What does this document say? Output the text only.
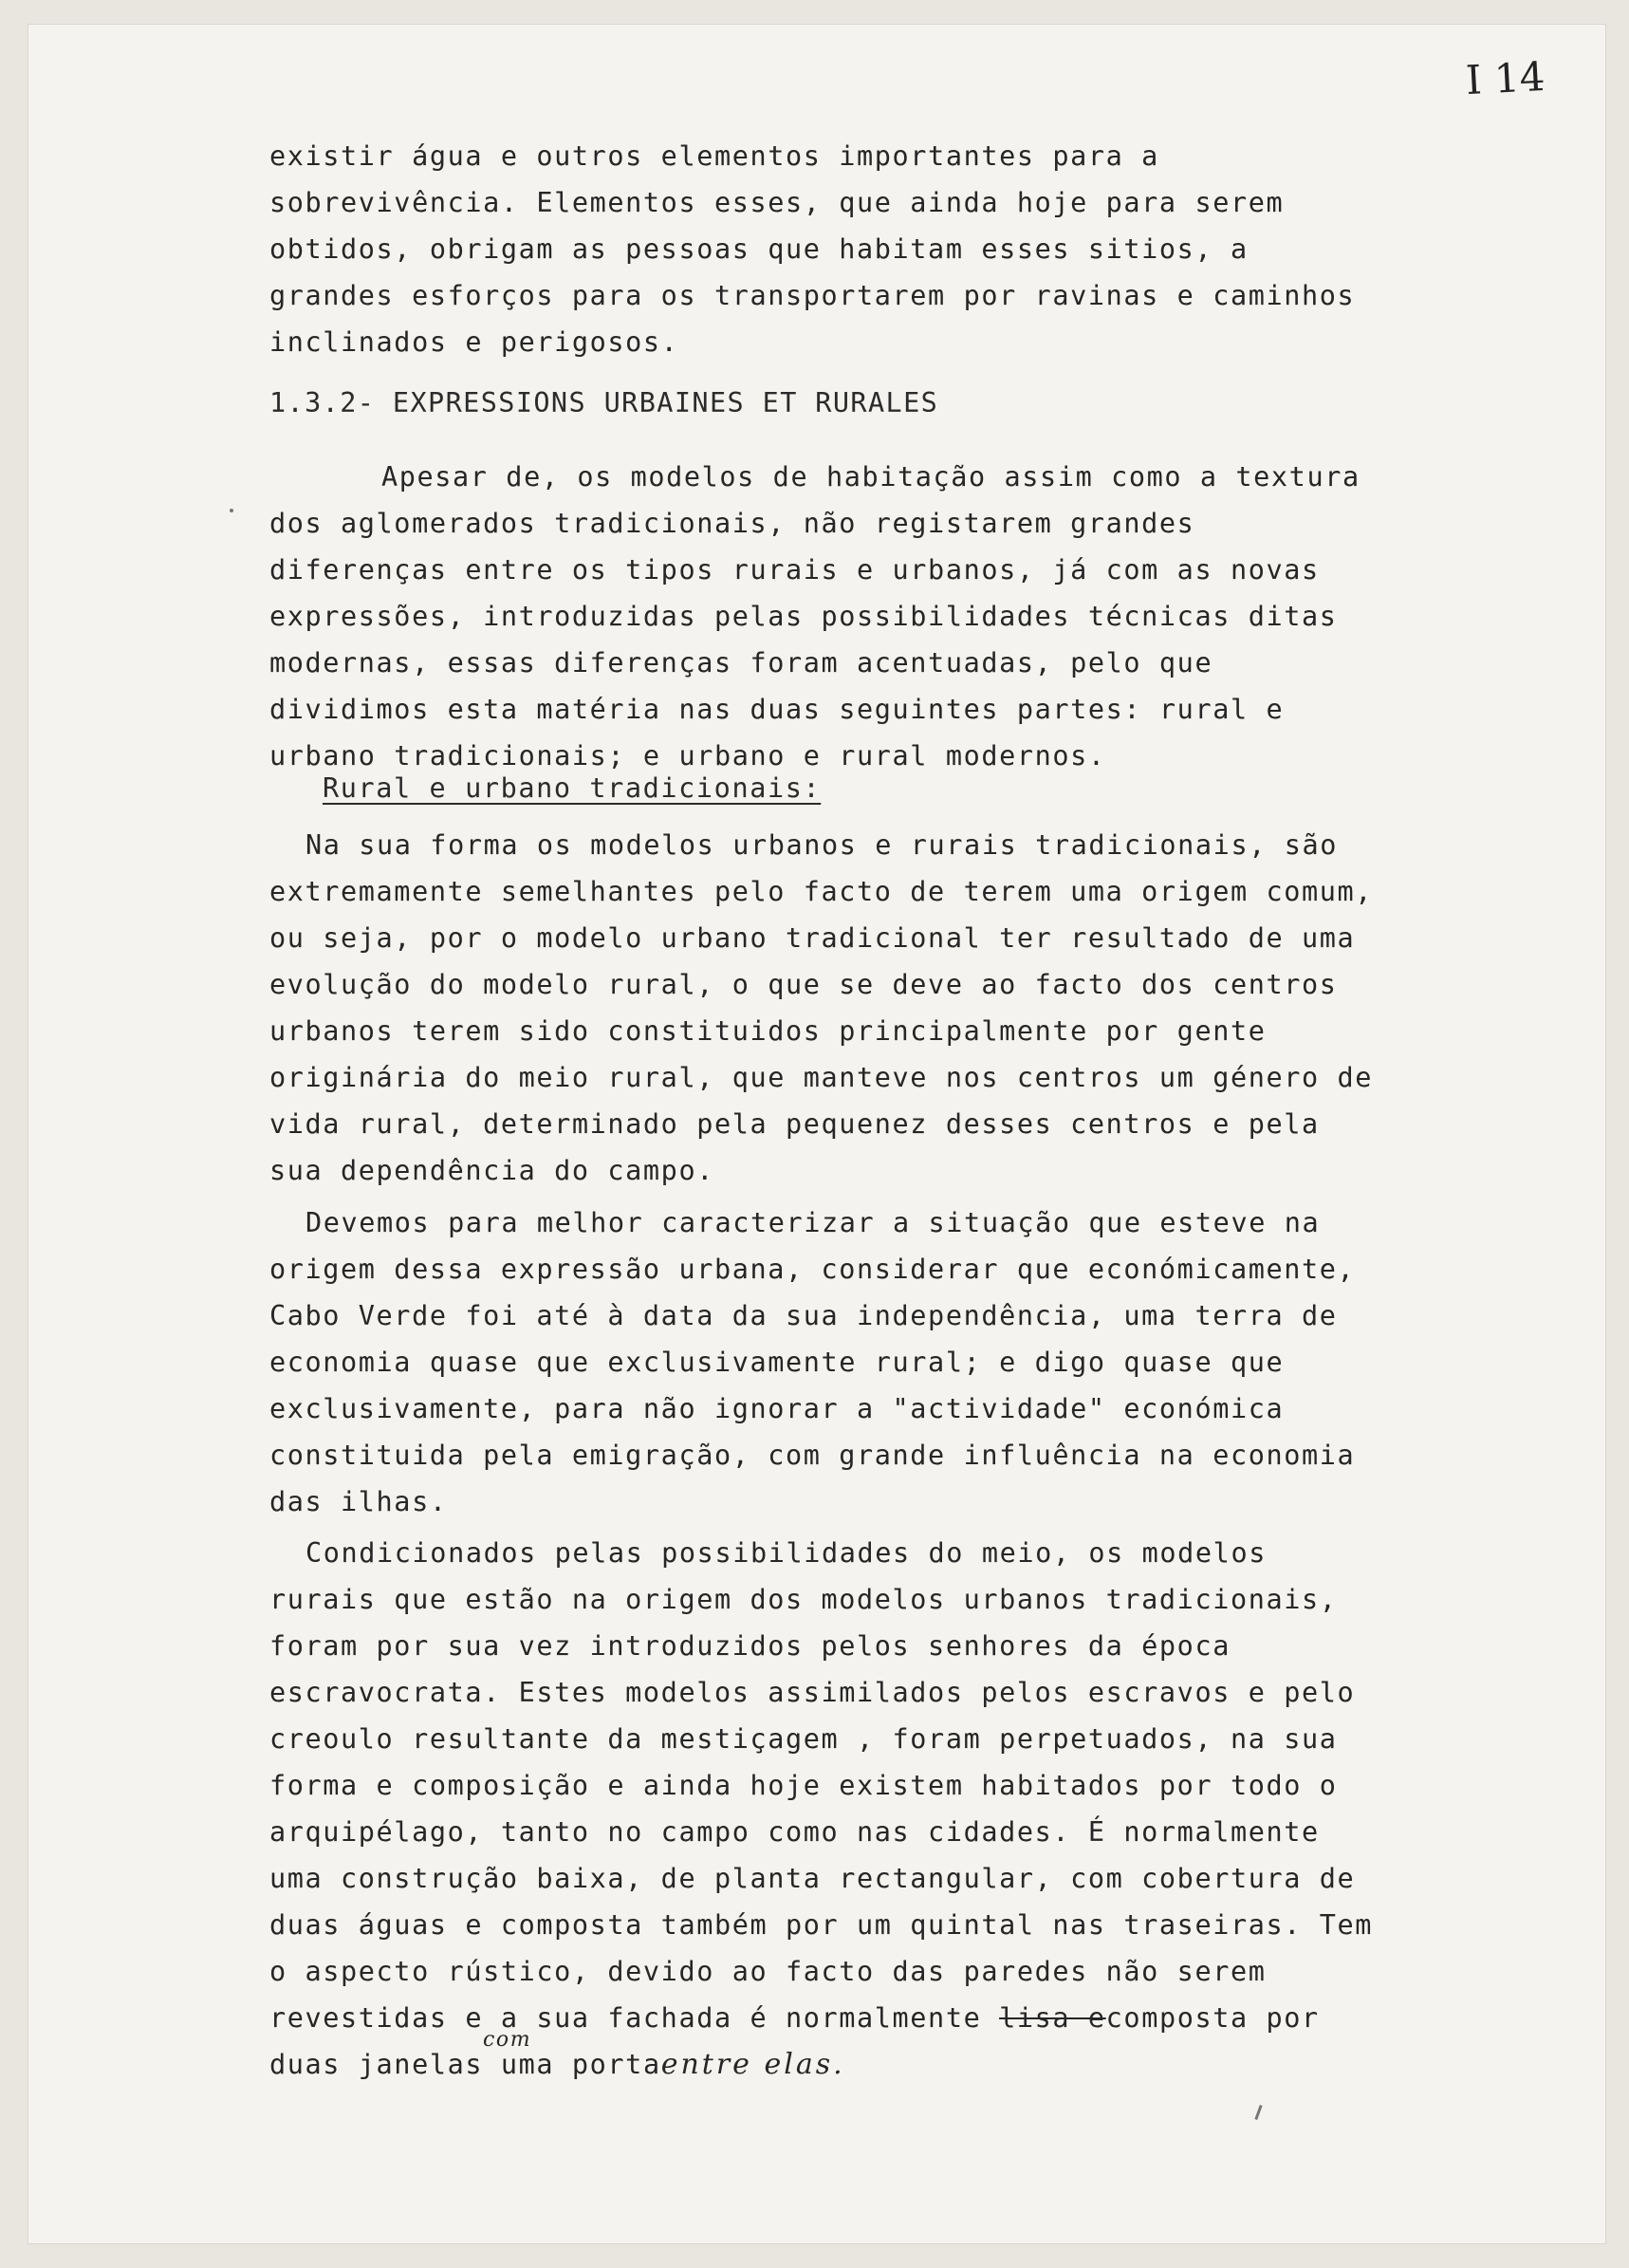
I 14

existir água e outros elementos importantes para a

sobrevivência. Elementos esses, que ainda hoje para serem

obtidos, obrigam as pessoas que habitam esses sitios, a

grandes esforços para os transportarem por ravinas e caminhos

inclinados e perigosos.

1.3.2- EXPRESSIONS URBAINES ET RURALES

Apesar de, os modelos de habitação assim como a textura

dos aglomerados tradicionais, não registarem grandes

diferenças entre os tipos rurais e urbanos, já com as novas

expressões, introduzidas pelas possibilidades técnicas ditas

modernas, essas diferenças foram acentuadas, pelo que

dividimos esta matéria nas duas seguintes partes: rural e

urbano tradicionais; e urbano e rural modernos.

Rural e urbano tradicionais:

Na sua forma os modelos urbanos e rurais tradicionais, são

extremamente semelhantes pelo facto de terem uma origem comum,

ou seja, por o modelo urbano tradicional ter resultado de uma

evolução do modelo rural, o que se deve ao facto dos centros

urbanos terem sido constituidos principalmente por gente

originária do meio rural, que manteve nos centros um género de

vida rural, determinado pela pequenez desses centros e pela

sua dependência do campo.

Devemos para melhor caracterizar a situação que esteve na

origem dessa expressão urbana, considerar que económicamente,

Cabo Verde foi até à data da sua independência, uma terra de

economia quase que exclusivamente rural; e digo quase que

exclusivamente, para não ignorar a "actividade" económica

constituida pela emigração, com grande influência na economia

das ilhas.

Condicionados pelas possibilidades do meio, os modelos

rurais que estão na origem dos modelos urbanos tradicionais,

foram por sua vez introduzidos pelos senhores da época

escravocrata. Estes modelos assimilados pelos escravos e pelo

creoulo resultante da mestiçagem , foram perpetuados, na sua

forma e composição e ainda hoje existem habitados por todo o

arquipélago, tanto no campo como nas cidades. É normalmente

uma construção baixa, de planta rectangular, com cobertura de

duas águas e composta também por um quintal nas traseiras. Tem

o aspecto rústico, devido ao facto das paredes não serem

revestidas e a sua fachada é normalmente lisa ecomposta por

duas janelas
com
uma portaentre elas.
